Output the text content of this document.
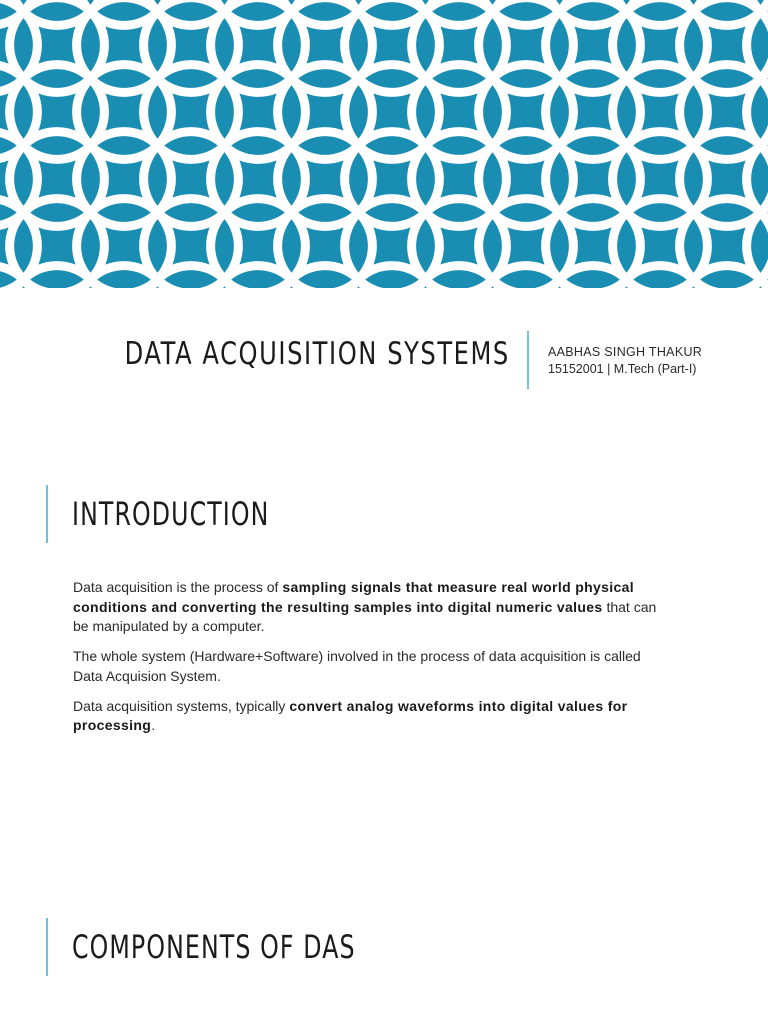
DATA ACQUISITION SYSTEMS	AABHAS SINGH THAKUR
15152001 | M.Tech (Part-I)
INTRODUCTION

Data acquisition is the process of sampling signals that measure real world physical conditions and converting the resulting samples into digital numeric values that can be manipulated by a computer.

The whole system (Hardware+Software) involved in the process of data acquisition is called Data Acquision System.

Data acquisition systems, typically convert analog waveforms into digital values for processing.

COMPONENTS OF DAS
